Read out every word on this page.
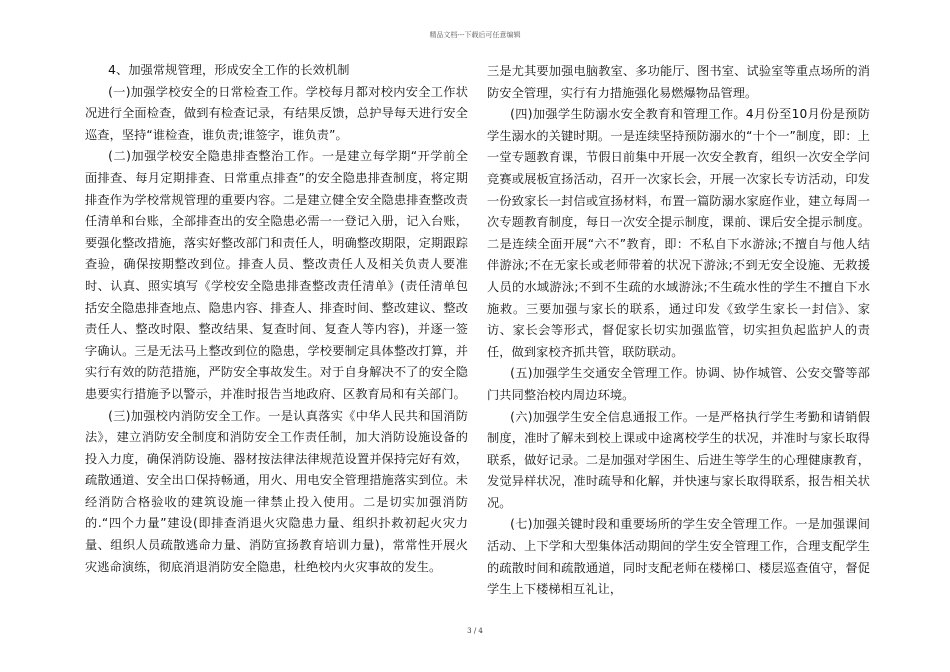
精品文档---下载后可任意编辑

4、加强常规管理，形成安全工作的长效机制

(一)加强学校安全的日常检查工作。学校每月都对校内安全工作状况进行全面检查，做到有检查记录，有结果反馈，总护导每天进行安全巡查，坚持“谁检查，谁负责;谁签字，谁负责”。

(二)加强学校安全隐患排查整治工作。一是建立每学期“开学前全面排查、每月定期排查、日常重点排查”的安全隐患排查制度，将定期排查作为学校常规管理的重要内容。二是建立健全安全隐患排查整改责任清单和台账，全部排查出的安全隐患必需一一登记入册，记入台账，要强化整改措施，落实好整改部门和责任人，明确整改期限，定期跟踪查验，确保按期整改到位。排查人员、整改责任人及相关负责人要准时、认真、照实填写《学校安全隐患排查整改责任清单》(责任清单包括安全隐患排查地点、隐患内容、排查人、排查时间、整改建议、整改责任人、整改时限、整改结果、复查时间、复查人等内容)，并逐一签字确认。三是无法马上整改到位的隐患，学校要制定具体整改打算，并实行有效的防范措施，严防安全事故发生。对于自身解决不了的安全隐患要实行措施予以警示，并准时报告当地政府、区教育局和有关部门。

(三)加强校内消防安全工作。一是认真落实《中华人民共和国消防法》，建立消防安全制度和消防安全工作责任制，加大消防设施设备的投入力度，确保消防设施、器材按法律法律规范设置并保持完好有效，疏散通道、安全出口保持畅通，用火、用电安全管理措施落实到位。未经消防合格验收的建筑设施一律禁止投入使用。二是切实加强消防的.“四个力量”建设(即排查消退火灾隐患力量、组织扑救初起火灾力量、组织人员疏散逃命力量、消防宣扬教育培训力量)，常常性开展火灾逃命演练，彻底消退消防安全隐患，杜绝校内火灾事故的发生。

三是尤其要加强电脑教室、多功能厅、图书室、试验室等重点场所的消防安全管理，实行有力措施强化易燃爆物品管理。

(四)加强学生防溺水安全教育和管理工作。4月份至10月份是预防学生溺水的关键时期。一是连续坚持预防溺水的“十个一”制度，即：上一堂专题教育课，节假日前集中开展一次安全教育，组织一次安全学问竞赛或展板宣扬活动，召开一次家长会，开展一次家长专访活动，印发一份致家长一封信或宣扬材料，布置一篇防溺水家庭作业，建立每周一次专题教育制度，每日一次安全提示制度，课前、课后安全提示制度。二是连续全面开展“六不”教育，即：不私自下水游泳;不擅自与他人结伴游泳;不在无家长或老师带着的状况下游泳;不到无安全设施、无救援人员的水域游泳;不到不生疏的水域游泳;不生疏水性的学生不擅自下水施救。三要加强与家长的联系，通过印发《致学生家长一封信》、家访、家长会等形式，督促家长切实加强监管，切实担负起监护人的责任，做到家校齐抓共管，联防联动。

(五)加强学生交通安全管理工作。协调、协作城管、公安交警等部门共同整治校内周边环境。

(六)加强学生安全信息通报工作。一是严格执行学生考勤和请销假制度，准时了解未到校上课或中途离校学生的状况，并准时与家长取得联系，做好记录。二是加强对学困生、后进生等学生的心理健康教育，发觉异样状况，准时疏导和化解，并快速与家长取得联系，报告相关状况。

(七)加强关键时段和重要场所的学生安全管理工作。一是加强课间活动、上下学和大型集体活动期间的学生安全管理工作，合理支配学生的疏散时间和疏散通道，同时支配老师在楼梯口、楼层巡查值守，督促学生上下楼梯相互礼让，

3 / 4
